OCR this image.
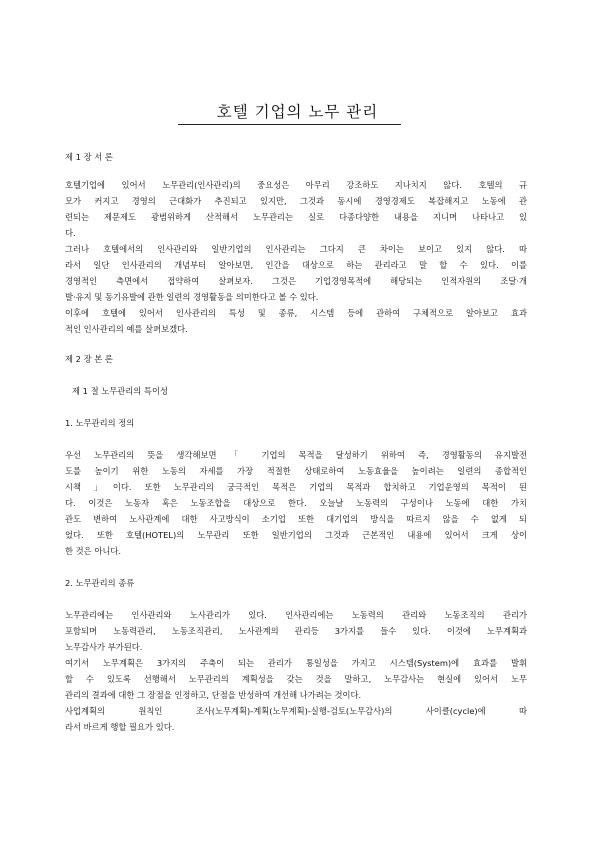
호텔 기업의 노무 관리
제 1 장 서 론
호텔기업에 있어서 노무관리(인사관리)의 중요성은 아무리 강조하도 지나치지 않다. 호텔의 규
모가 커지고 경영의 근대화가 추진되고 있지만, 그것과 동시에 경영경제도 복잡해지고 노동에 관
련되는 제문제도 광범위하게 산적해서 노무관리는 실로 다종다양한 내용을 지니며 나타나고 있
다.
그러나 호텔에서의 인사관리와 일반기업의 인사관리는 그다지 큰 차이는 보이고 있지 않다. 따
라서 일단 인사관리의 개념부터 알아보면, 인간을 대상으로 하는 관리라고 말 할 수 있다. 이를
경영적인 측면에서 접약하여 살펴보자. 그것은 기업경영목적에 해당되는 인적자원의 조달·개
발·유지 및 동기유발에 관한 일련의 경영활동을 의미한다고 볼 수 있다.
이후에 호텔에 있어서 인사관리의 특성 및 종류, 시스템 등에 관하여 구체적으로 알아보고 효과
적인 인사관리의 예를 살펴보겠다.
제 2 장 본 론
제 1 절 노무관리의 특이성
1. 노무관리의 정의
우선 노무관리의 뜻을 생각해보면 「 기업의 목적을 달성하기 위하여 즉, 경영활동의 유지발전
도를 높이기 위한 노동의 자세를 가장 적절한 상태로하여 노동효율을 높이려는 일련의 종합적인
시책 」이다. 또한 노무관리의 궁극적인 목적은 기업의 목적과 합치하고 기업운영의 목적이 된
다. 이것은 노동자 혹은 노동조합을 대상으로 한다. 오늘날 노동력의 구성이나 노동에 대한 가치
관도 변하여 노사관계에 대한 사고방식이 소기업 또한 대기업의 방식을 따르지 않을 수 없게 되
었다. 또한 호텔(HOTEL)의 노무관리 또한 일반기업의 그것과 근본적인 내용에 있어서 크게 상이
한 것은 아니다.
2. 노무관리의 종류
노무관리에는 인사관리와 노사관리가 있다. 인사관리에는 노동력의 관리와 노동조직의 관리가
포함되며 노동력관리, 노동조직관리, 노사관계의 관리등 3가지를 들수 있다. 이것에 노무계획과
노무감사가 부가된다.
여기서 노무계획은 3가지의 주축이 되는 관리가 통일성을 가지고 시스템(System)에 효과를 발휘
할 수 있도록 선행해서 노무관리의 계획성을 갖는 것을 말하고, 노무감사는 현실에 있어서 노무
관리의 결과에 대한 그 장점을 인정하고, 단점을 반성하여 개선해 나가려는 것이다.
사업계획의 원칙인 조사(노무계획)-계획(노무계획)-실행-검토(노무감사)의 사이클(cycle)에 따
라서 바르게 행할 필요가 있다.
